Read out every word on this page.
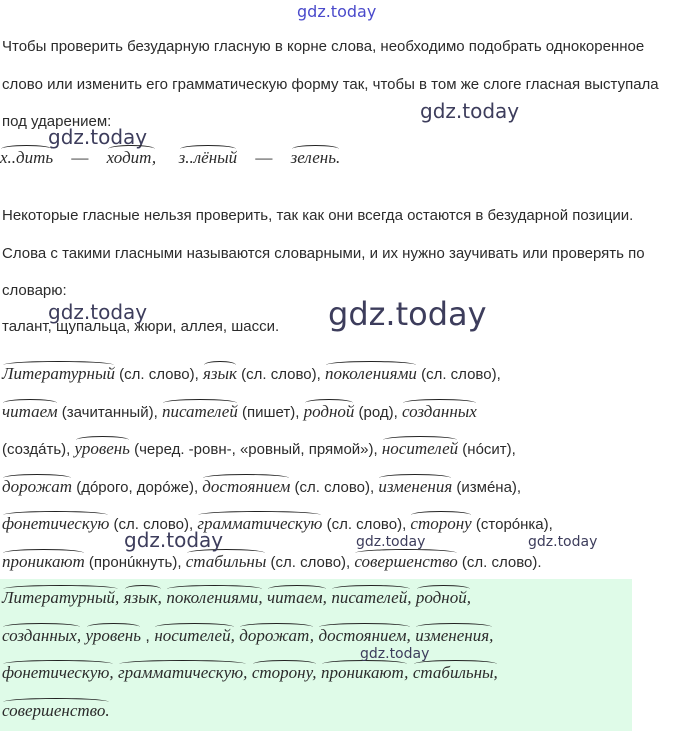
gdz.today
Чтобы проверить безударную гласную в корне слова, необходимо подобрать однокоренное слово или изменить его грамматическую форму так, чтобы в том же слоге гласная выступала под ударением:	gdz.today
gdz.today
х..дить — ходит, з..лёный — зелень.
Некоторые гласные нельзя проверить, так как они всегда остаются в безударной позиции. Слова с такими гласными называются словарными, и их нужно заучивать или проверять по словарю:
gdz.today	gdz.today
талант, щупальца, жюри, аллея, шасси.
Литературный (сл. слово), язык (сл. слово), поколениями (сл. слово),
читаем (зачитанный), писателей (пишет), родной (род), созданных
(создáть), уровень (черед. -ровн-, «ровный, прямой»), носителей (нóсит),
дорожат (дóрого, дорóже), достоянием (сл. слово), изменения (измéна),
фонетическую (сл. слово), грамматическую (сл. слово), сторону (сторóнка),
проникают (пронúкнуть), стабильны (сл. слово), совершенство (сл. слово).
gdz.today	gdz.today	gdz.today
Литературный, язык, поколениями, читаем, писателей, родной,
созданных, уровень , носителей, дорожат, достоянием, изменения,
фонетическую, грамматическую, сторону, проникают, стабильны,
совершенство.
gdz.today
